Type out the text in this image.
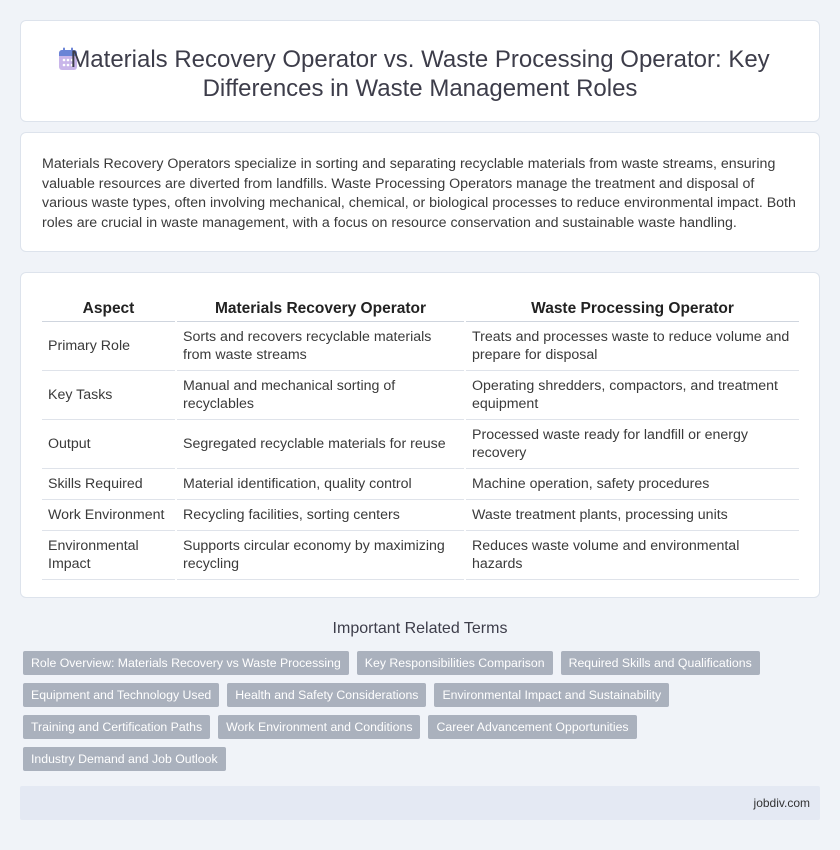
Materials Recovery Operator vs. Waste Processing Operator: Key Differences in Waste Management Roles

Materials Recovery Operators specialize in sorting and separating recyclable materials from waste streams, ensuring valuable resources are diverted from landfills. Waste Processing Operators manage the treatment and disposal of various waste types, often involving mechanical, chemical, or biological processes to reduce environmental impact. Both roles are crucial in waste management, with a focus on resource conservation and sustainable waste handling.

Aspect	Materials Recovery Operator	Waste Processing Operator
Primary Role	Sorts and recovers recyclable materials from waste streams	Treats and processes waste to reduce volume and prepare for disposal
Key Tasks	Manual and mechanical sorting of recyclables	Operating shredders, compactors, and treatment equipment
Output	Segregated recyclable materials for reuse	Processed waste ready for landfill or energy recovery
Skills Required	Material identification, quality control	Machine operation, safety procedures
Work Environment	Recycling facilities, sorting centers	Waste treatment plants, processing units
Environmental Impact	Supports circular economy by maximizing recycling	Reduces waste volume and environmental hazards
Important Related Terms
Role Overview: Materials Recovery vs Waste Processing	Key Responsibilities Comparison	Required Skills and Qualifications
Equipment and Technology Used	Health and Safety Considerations	Environmental Impact and Sustainability
Training and Certification Paths	Work Environment and Conditions	Career Advancement Opportunities
Industry Demand and Job Outlook
jobdiv.com
